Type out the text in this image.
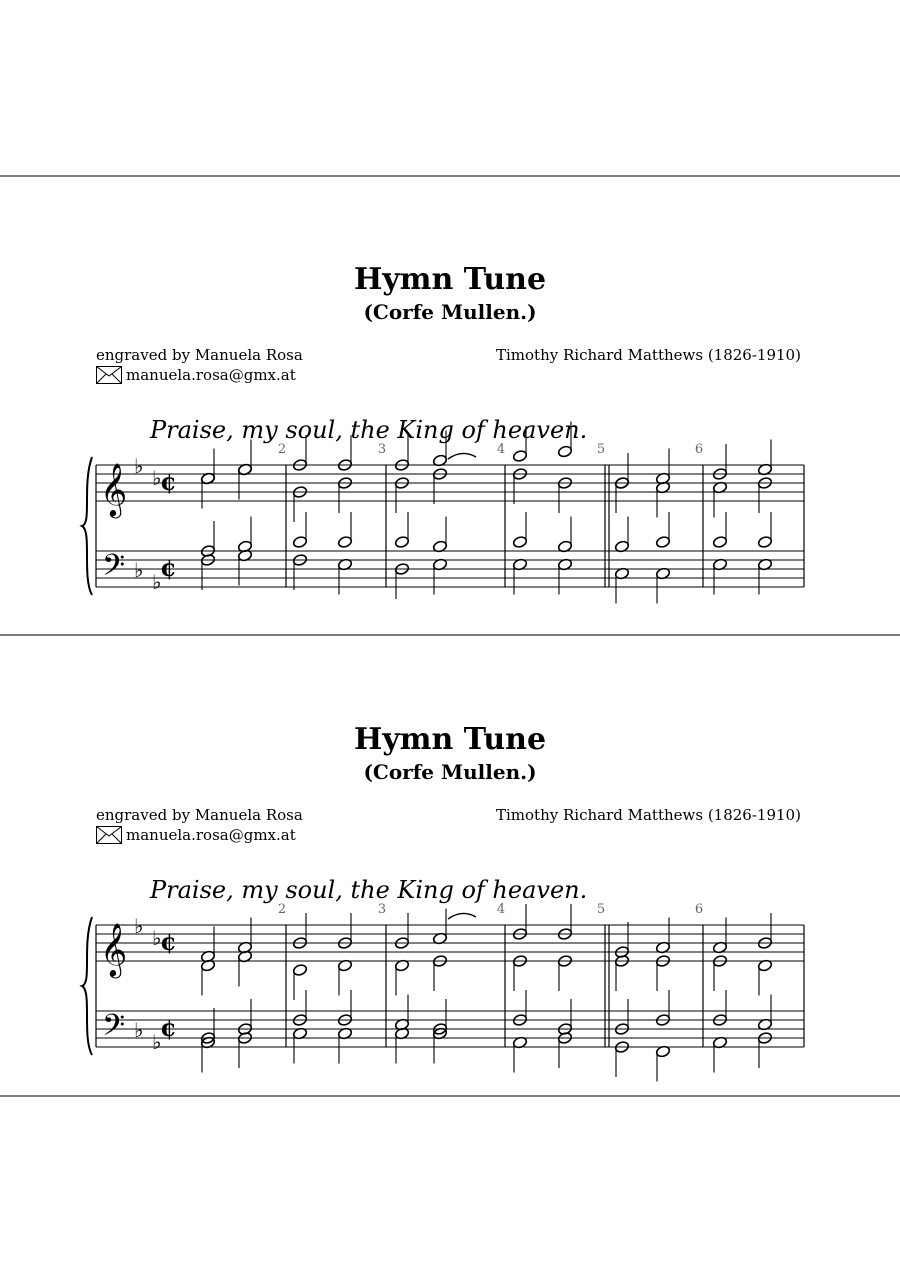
Hymn Tune
(Corfe Mullen.)
engraved by Manuela Rosa
manuela.rosa@gmx.at
Timothy Richard Matthews (1826-1910)
Praise, my soul, the King of heaven.
2	3	4	5	6
𝄞
𝄢
♭ ♭
♭ ♭
¢
¢
Hymn Tune
(Corfe Mullen.)
engraved by Manuela Rosa
manuela.rosa@gmx.at
Timothy Richard Matthews (1826-1910)
Praise, my soul, the King of heaven.
2	3	4	5	6
𝄞
𝄢
♭ ♭
♭ ♭
¢
¢
